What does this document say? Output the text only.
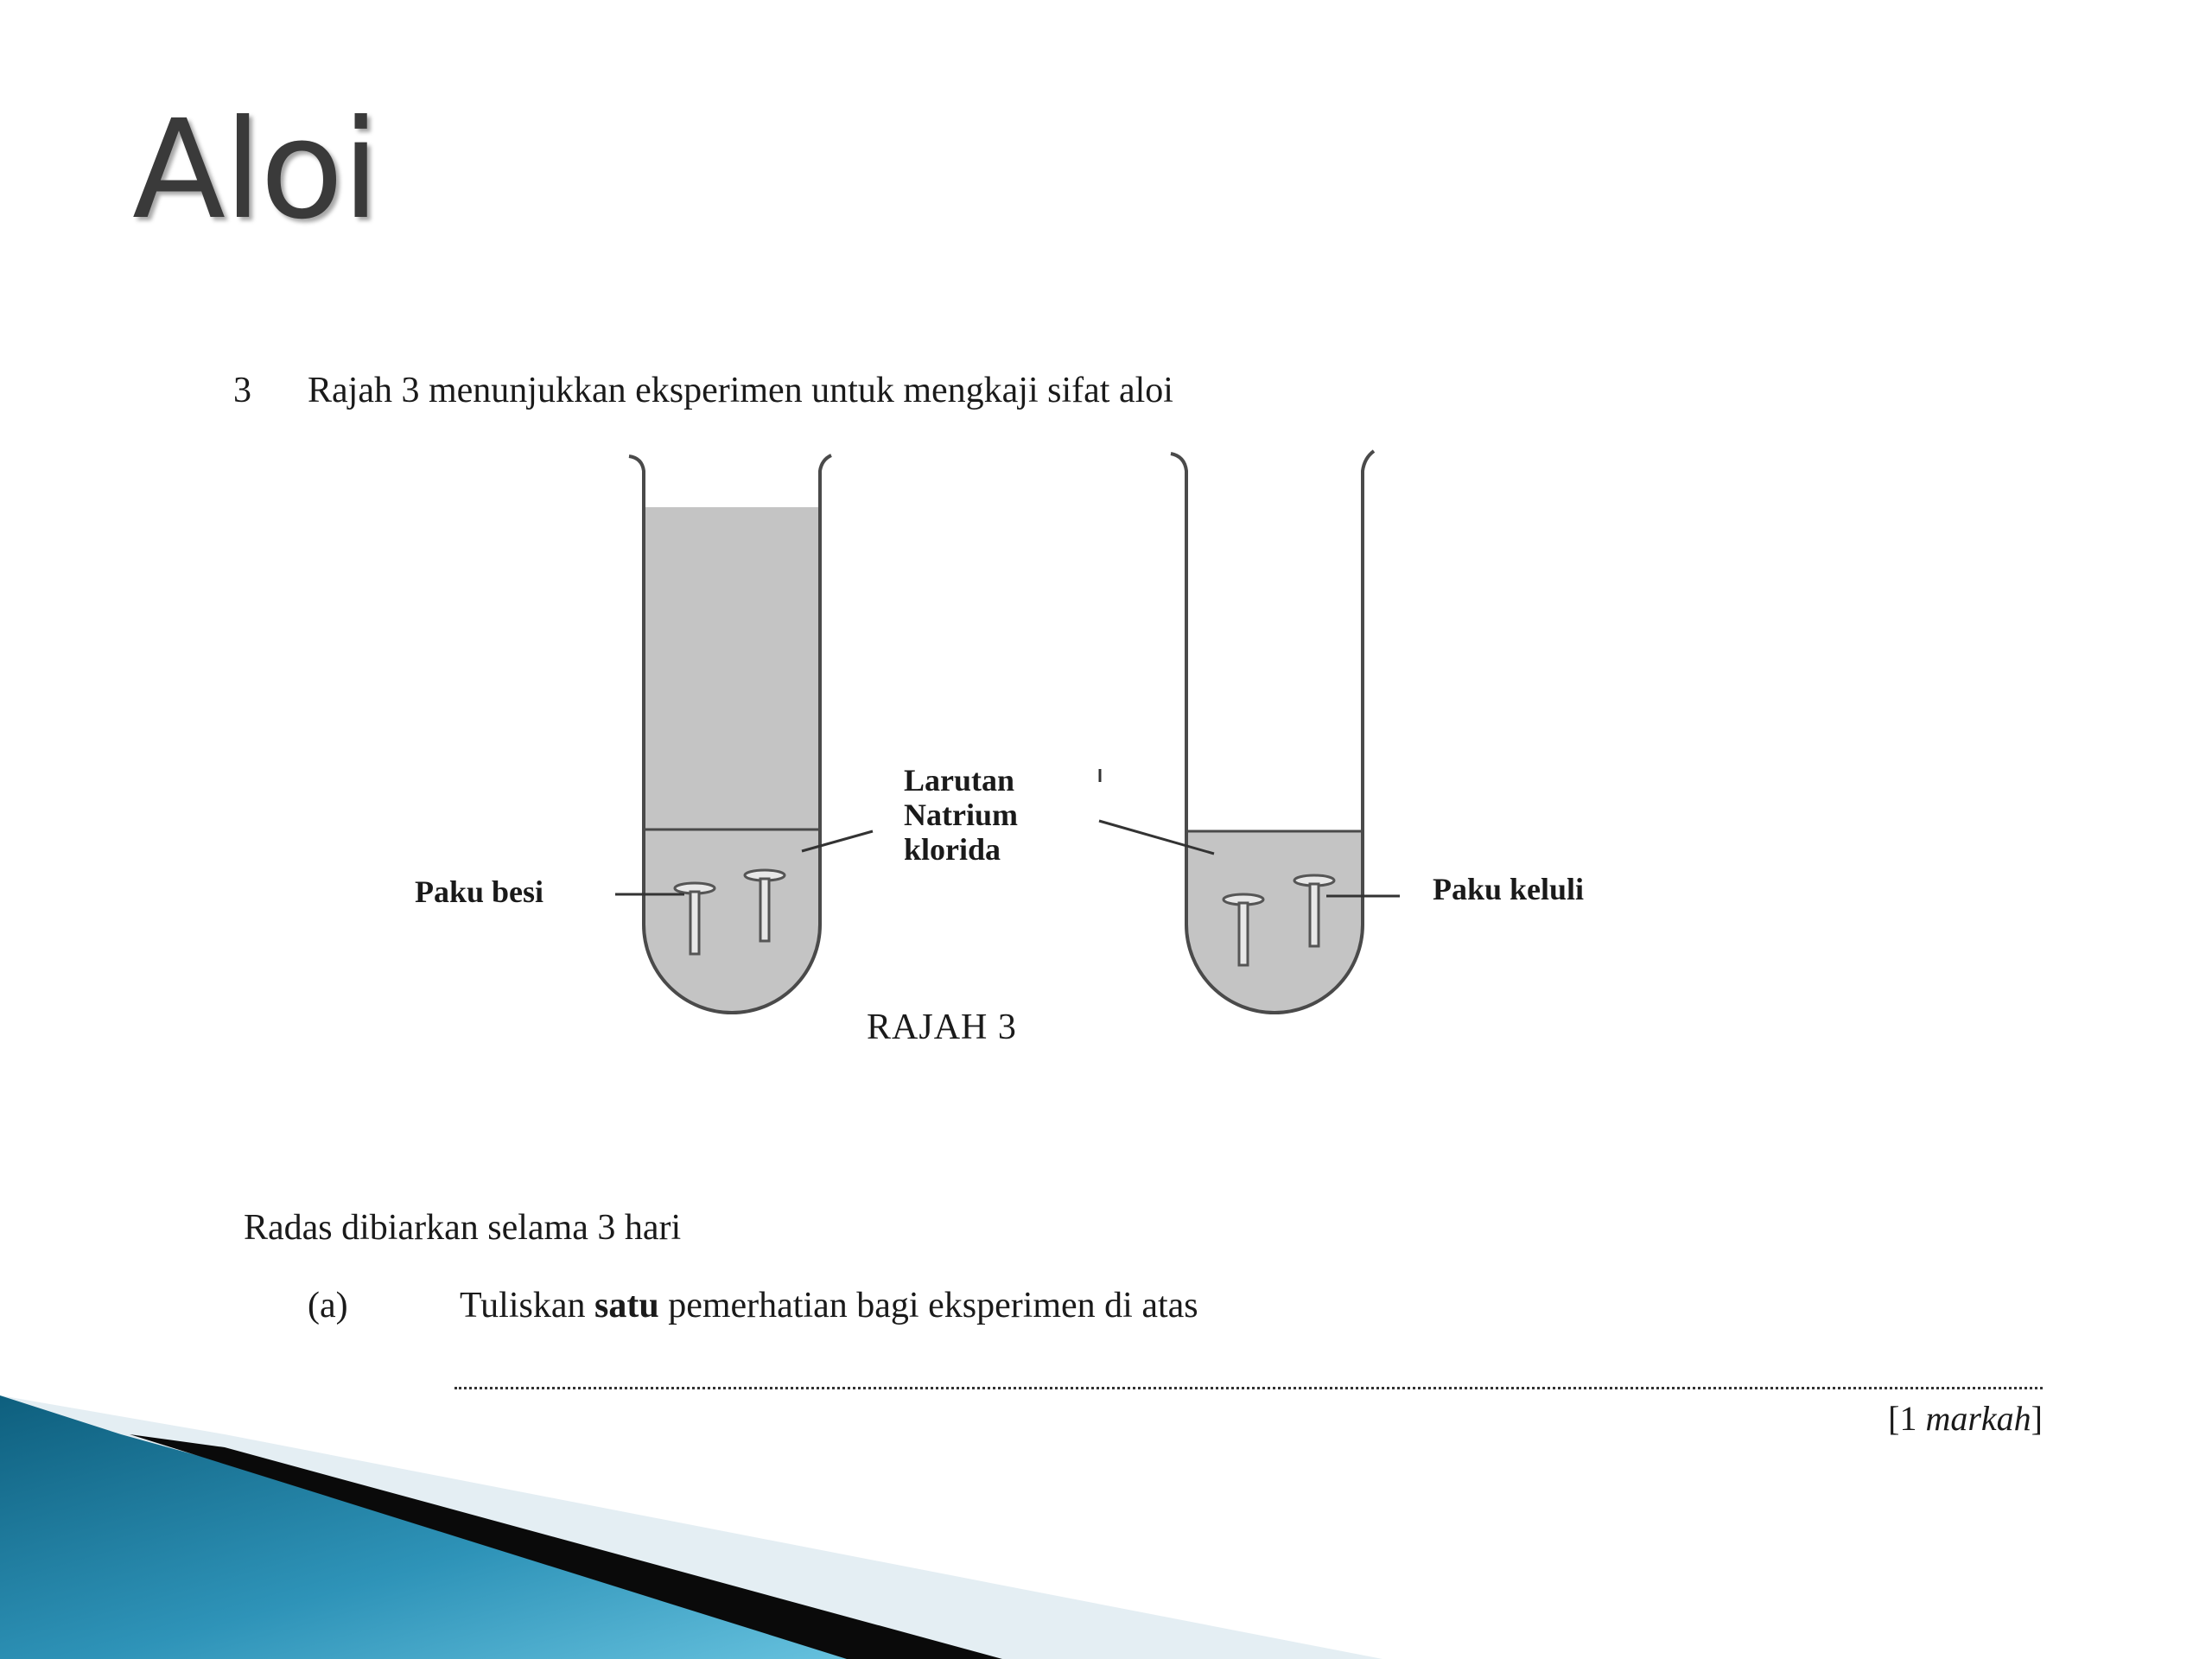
Aloi
3 Rajah 3 menunjukkan eksperimen untuk mengkaji sifat aloi
Paku besi
Larutan
Natrium
klorida
Paku keluli
RAJAH 3
Radas dibiarkan selama 3 hari
(a)	Tuliskan satu pemerhatian bagi eksperimen di atas
[1 markah]
